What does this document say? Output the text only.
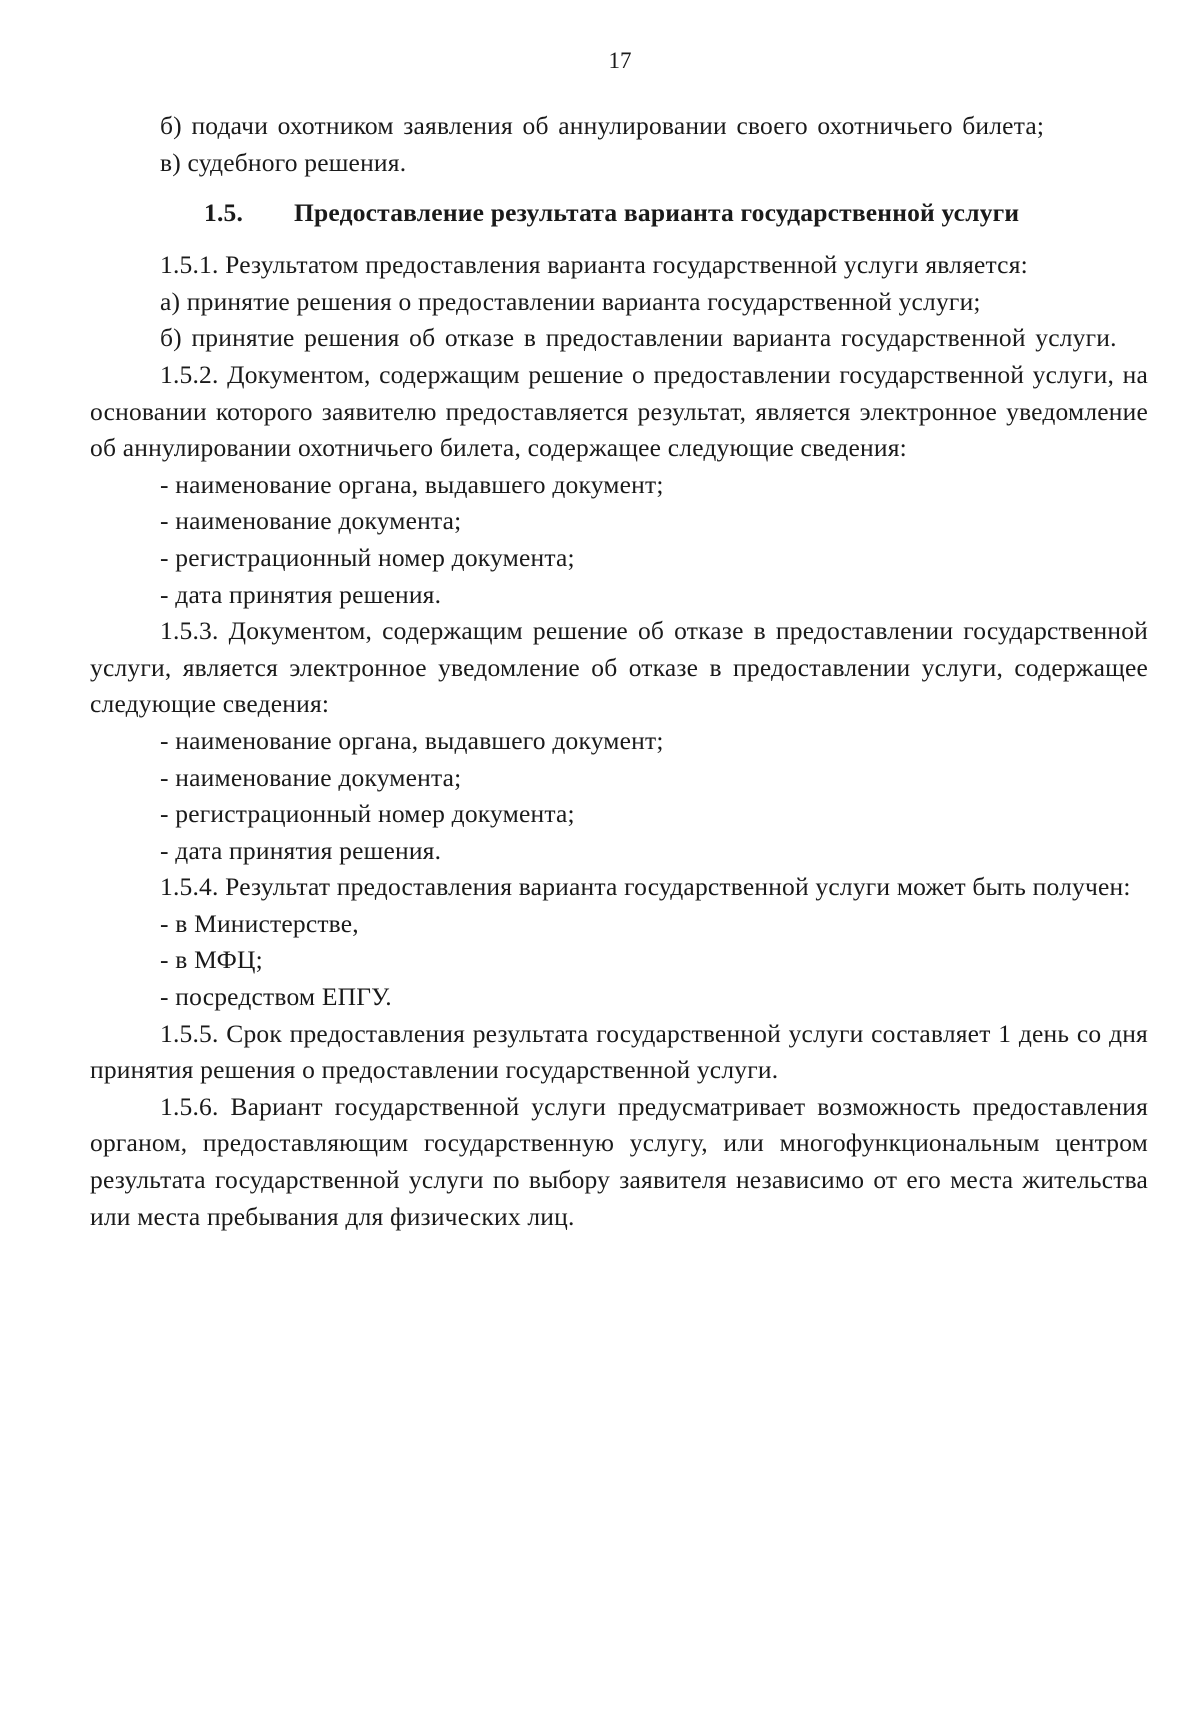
17

б) подачи охотником заявления об аннулировании своего охотничьего билета;

в) судебного решения.

1.5.	Предоставление результата варианта государственной услуги

1.5.1. Результатом предоставления варианта государственной услуги является:

а) принятие решения о предоставлении варианта государственной услуги;

б) принятие решения об отказе в предоставлении варианта государственной услуги.

1.5.2. Документом, содержащим решение о предоставлении государственной услуги, на основании которого заявителю предоставляется результат, является электронное уведомление об аннулировании охотничьего билета, содержащее следующие сведения:

- наименование органа, выдавшего документ;

- наименование документа;

- регистрационный номер документа;

- дата принятия решения.

1.5.3. Документом, содержащим решение об отказе в предоставлении государственной услуги, является электронное уведомление об отказе в предоставлении услуги, содержащее следующие сведения:

- наименование органа, выдавшего документ;

- наименование документа;

- регистрационный номер документа;

- дата принятия решения.

1.5.4. Результат предоставления варианта государственной услуги может быть получен:

- в Министерстве,

- в МФЦ;

- посредством ЕПГУ.

1.5.5. Срок предоставления результата государственной услуги составляет 1 день со дня принятия решения о предоставлении государственной услуги.

1.5.6. Вариант государственной услуги предусматривает возможность предоставления органом, предоставляющим государственную услугу, или многофункциональным центром результата государственной услуги по выбору заявителя независимо от его места жительства или места пребывания для физических лиц.
